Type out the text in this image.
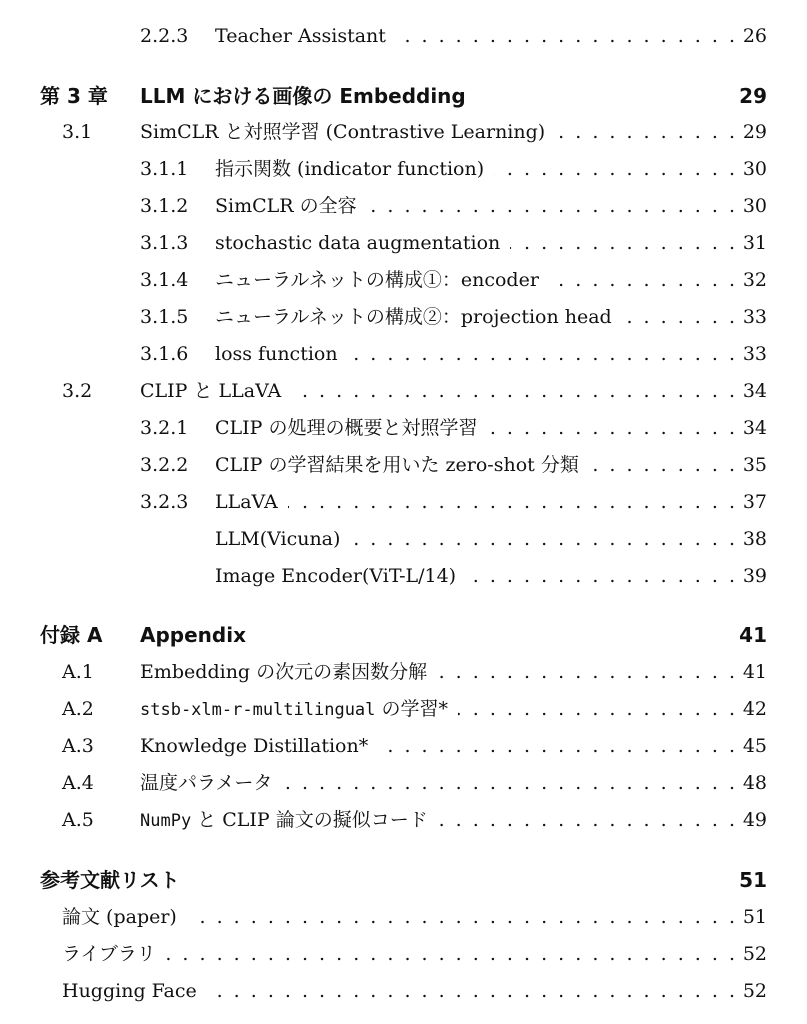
2.2.3 Teacher Assistant . . .	26
第 3 章 LLM における画像の Embedding	29
3.1	SimCLR と対照学習 (Contrastive Learning) . . .	29
3.1.1 指示関数 (indicator function) . . .	30
3.1.2 SimCLR の全容 . . .	30
3.1.3 stochastic data augmentation . . .	31
3.1.4 ニューラルネットの構成①：encoder . . .	32
3.1.5 ニューラルネットの構成②：projection head . . .	33
3.1.6 loss function . . .	33
3.2	CLIP と LLaVA . . .	34
3.2.1 CLIP の処理の概要と対照学習 . . .	34
3.2.2 CLIP の学習結果を用いた zero-shot 分類 . . .	35
3.2.3 LLaVA . . .	37
LLM(Vicuna) . . .	38
Image Encoder(ViT-L/14) . . .	39
付録 A Appendix	41
A.1 Embedding の次元の素因数分解 . . .	41
A.2	stsb-xlm-r-multilingual の学習* . . .	42
A.3 Knowledge Distillation* . . .	45
A.4 温度パラメータ . . .	48
A.5	NumPy と CLIP 論文の擬似コード . . .	49
参考文献リスト	51
論文 (paper) . . .	51
ライブラリ . . .	52
Hugging Face . . .	52
